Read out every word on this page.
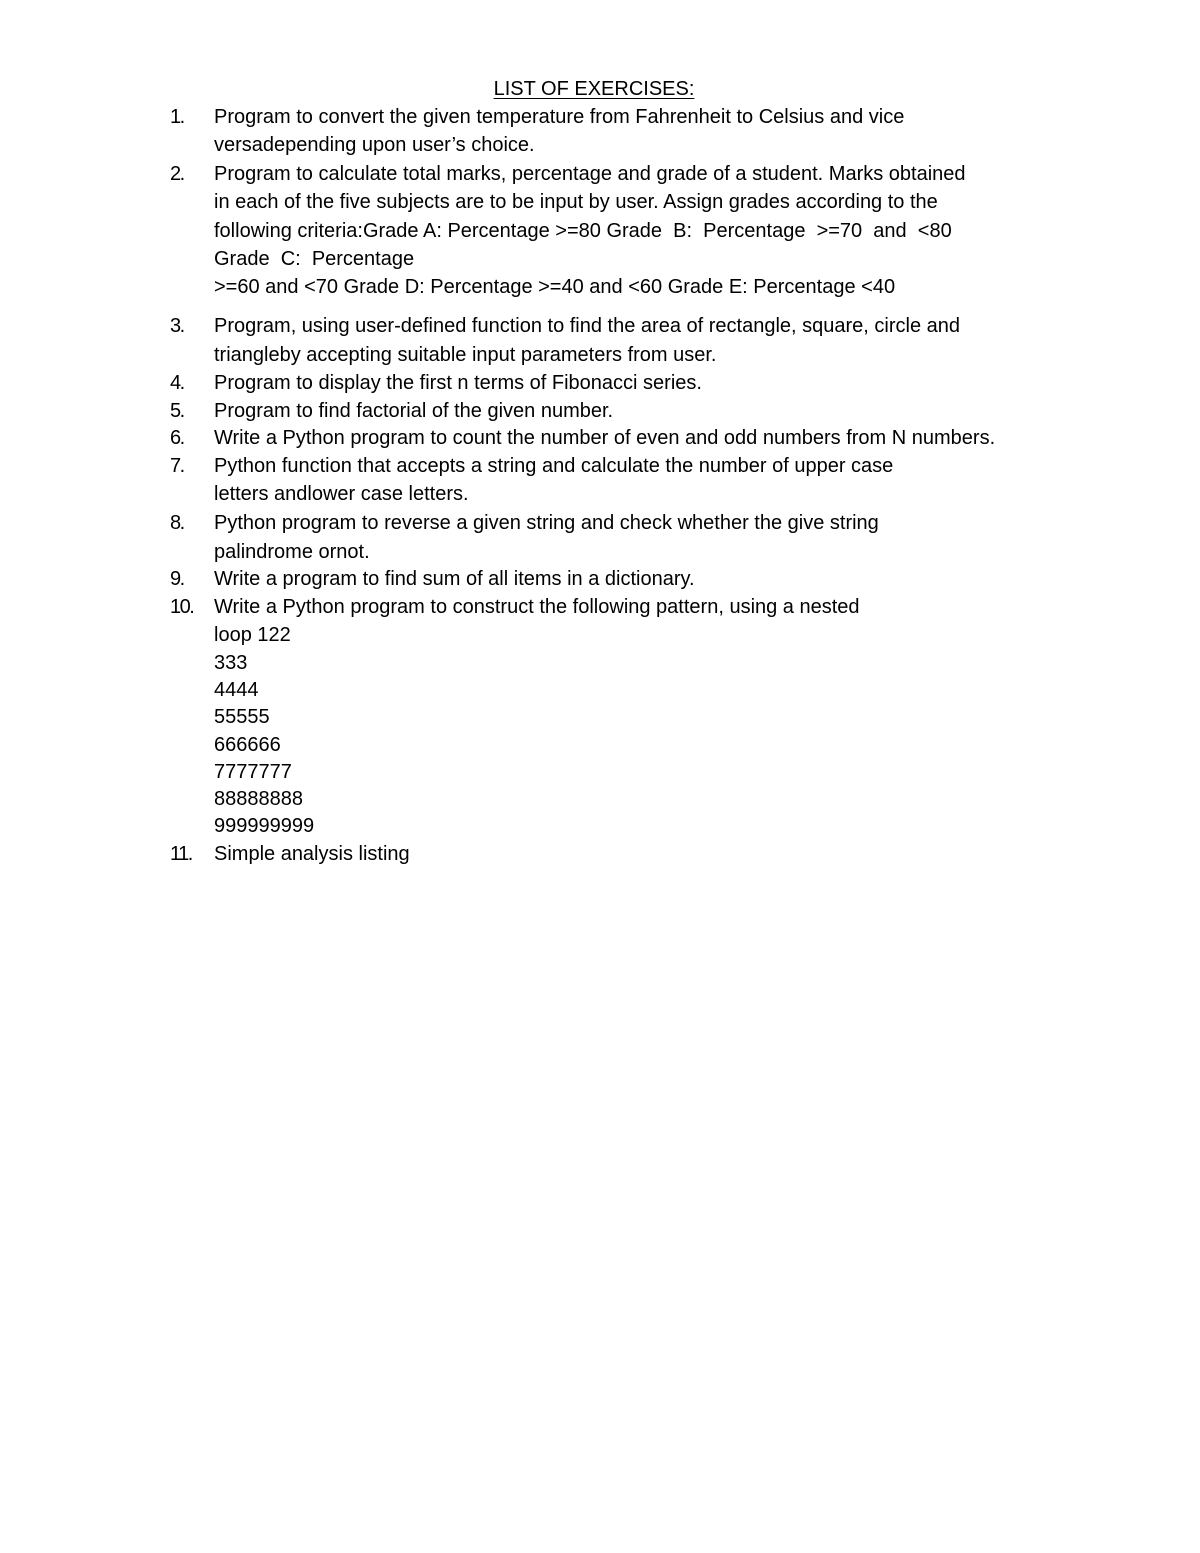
LIST OF EXERCISES:
1. Program to convert the given temperature from Fahrenheit to Celsius and vice
versadepending upon user’s choice.
2. Program to calculate total marks, percentage and grade of a student. Marks obtained
in each of the five subjects are to be input by user. Assign grades according to the
following criteria:Grade A: Percentage >=80 Grade  B:  Percentage  >=70  and  <80
Grade  C:  Percentage
>=60 and <70 Grade D: Percentage >=40 and <60 Grade E: Percentage <40
3. Program, using user-defined function to find the area of rectangle, square, circle and
triangleby accepting suitable input parameters from user.
4. Program to display the first n terms of Fibonacci series.
5. Program to find factorial of the given number.
6. Write a Python program to count the number of even and odd numbers from N numbers.
7. Python function that accepts a string and calculate the number of upper case
letters andlower case letters.
8. Python program to reverse a given string and check whether the give string
palindrome ornot.
9. Write a program to find sum of all items in a dictionary.
10. Write a Python program to construct the following pattern, using a nested
loop 122
333
4444
55555
666666
7777777
88888888
999999999
11. Simple analysis listing
